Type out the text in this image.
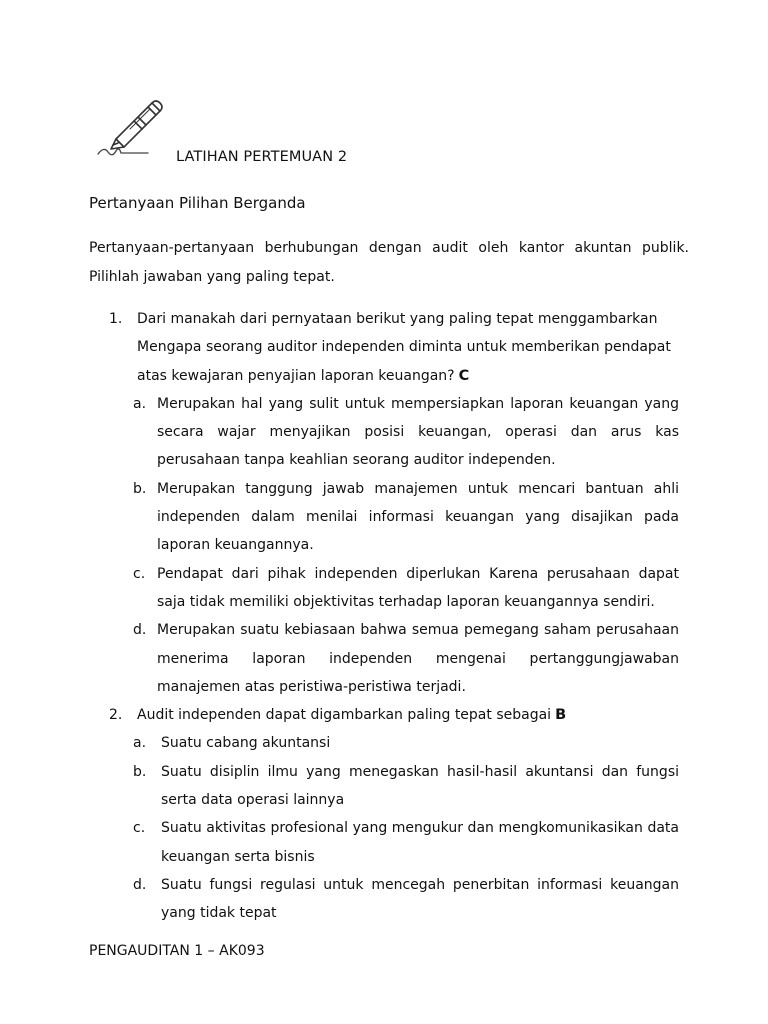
LATIHAN PERTEMUAN 2
Pertanyaan Pilihan Berganda

Pertanyaan-pertanyaan berhubungan dengan audit oleh kantor akuntan publik. Pilihlah jawaban yang paling tepat.

1. Dari manakah dari pernyataan berikut yang paling tepat menggambarkan Mengapa seorang auditor independen diminta untuk memberikan pendapat atas kewajaran penyajian laporan keuangan? C
a. Merupakan hal yang sulit untuk mempersiapkan laporan keuangan yang secara wajar menyajikan posisi keuangan, operasi dan arus kas perusahaan tanpa keahlian seorang auditor independen.
b. Merupakan tanggung jawab manajemen untuk mencari bantuan ahli independen dalam menilai informasi keuangan yang disajikan pada laporan keuangannya.
c. Pendapat dari pihak independen diperlukan Karena perusahaan dapat saja tidak memiliki objektivitas terhadap laporan keuangannya sendiri.
d. Merupakan suatu kebiasaan bahwa semua pemegang saham perusahaan menerima laporan independen mengenai pertanggungjawaban manajemen atas peristiwa-peristiwa terjadi.
2. Audit independen dapat digambarkan paling tepat sebagai B
a. Suatu cabang akuntansi
b. Suatu disiplin ilmu yang menegaskan hasil-hasil akuntansi dan fungsi serta data operasi lainnya
c. Suatu aktivitas profesional yang mengukur dan mengkomunikasikan data keuangan serta bisnis
d. Suatu fungsi regulasi untuk mencegah penerbitan informasi keuangan yang tidak tepat
PENGAUDITAN 1 – AK093
